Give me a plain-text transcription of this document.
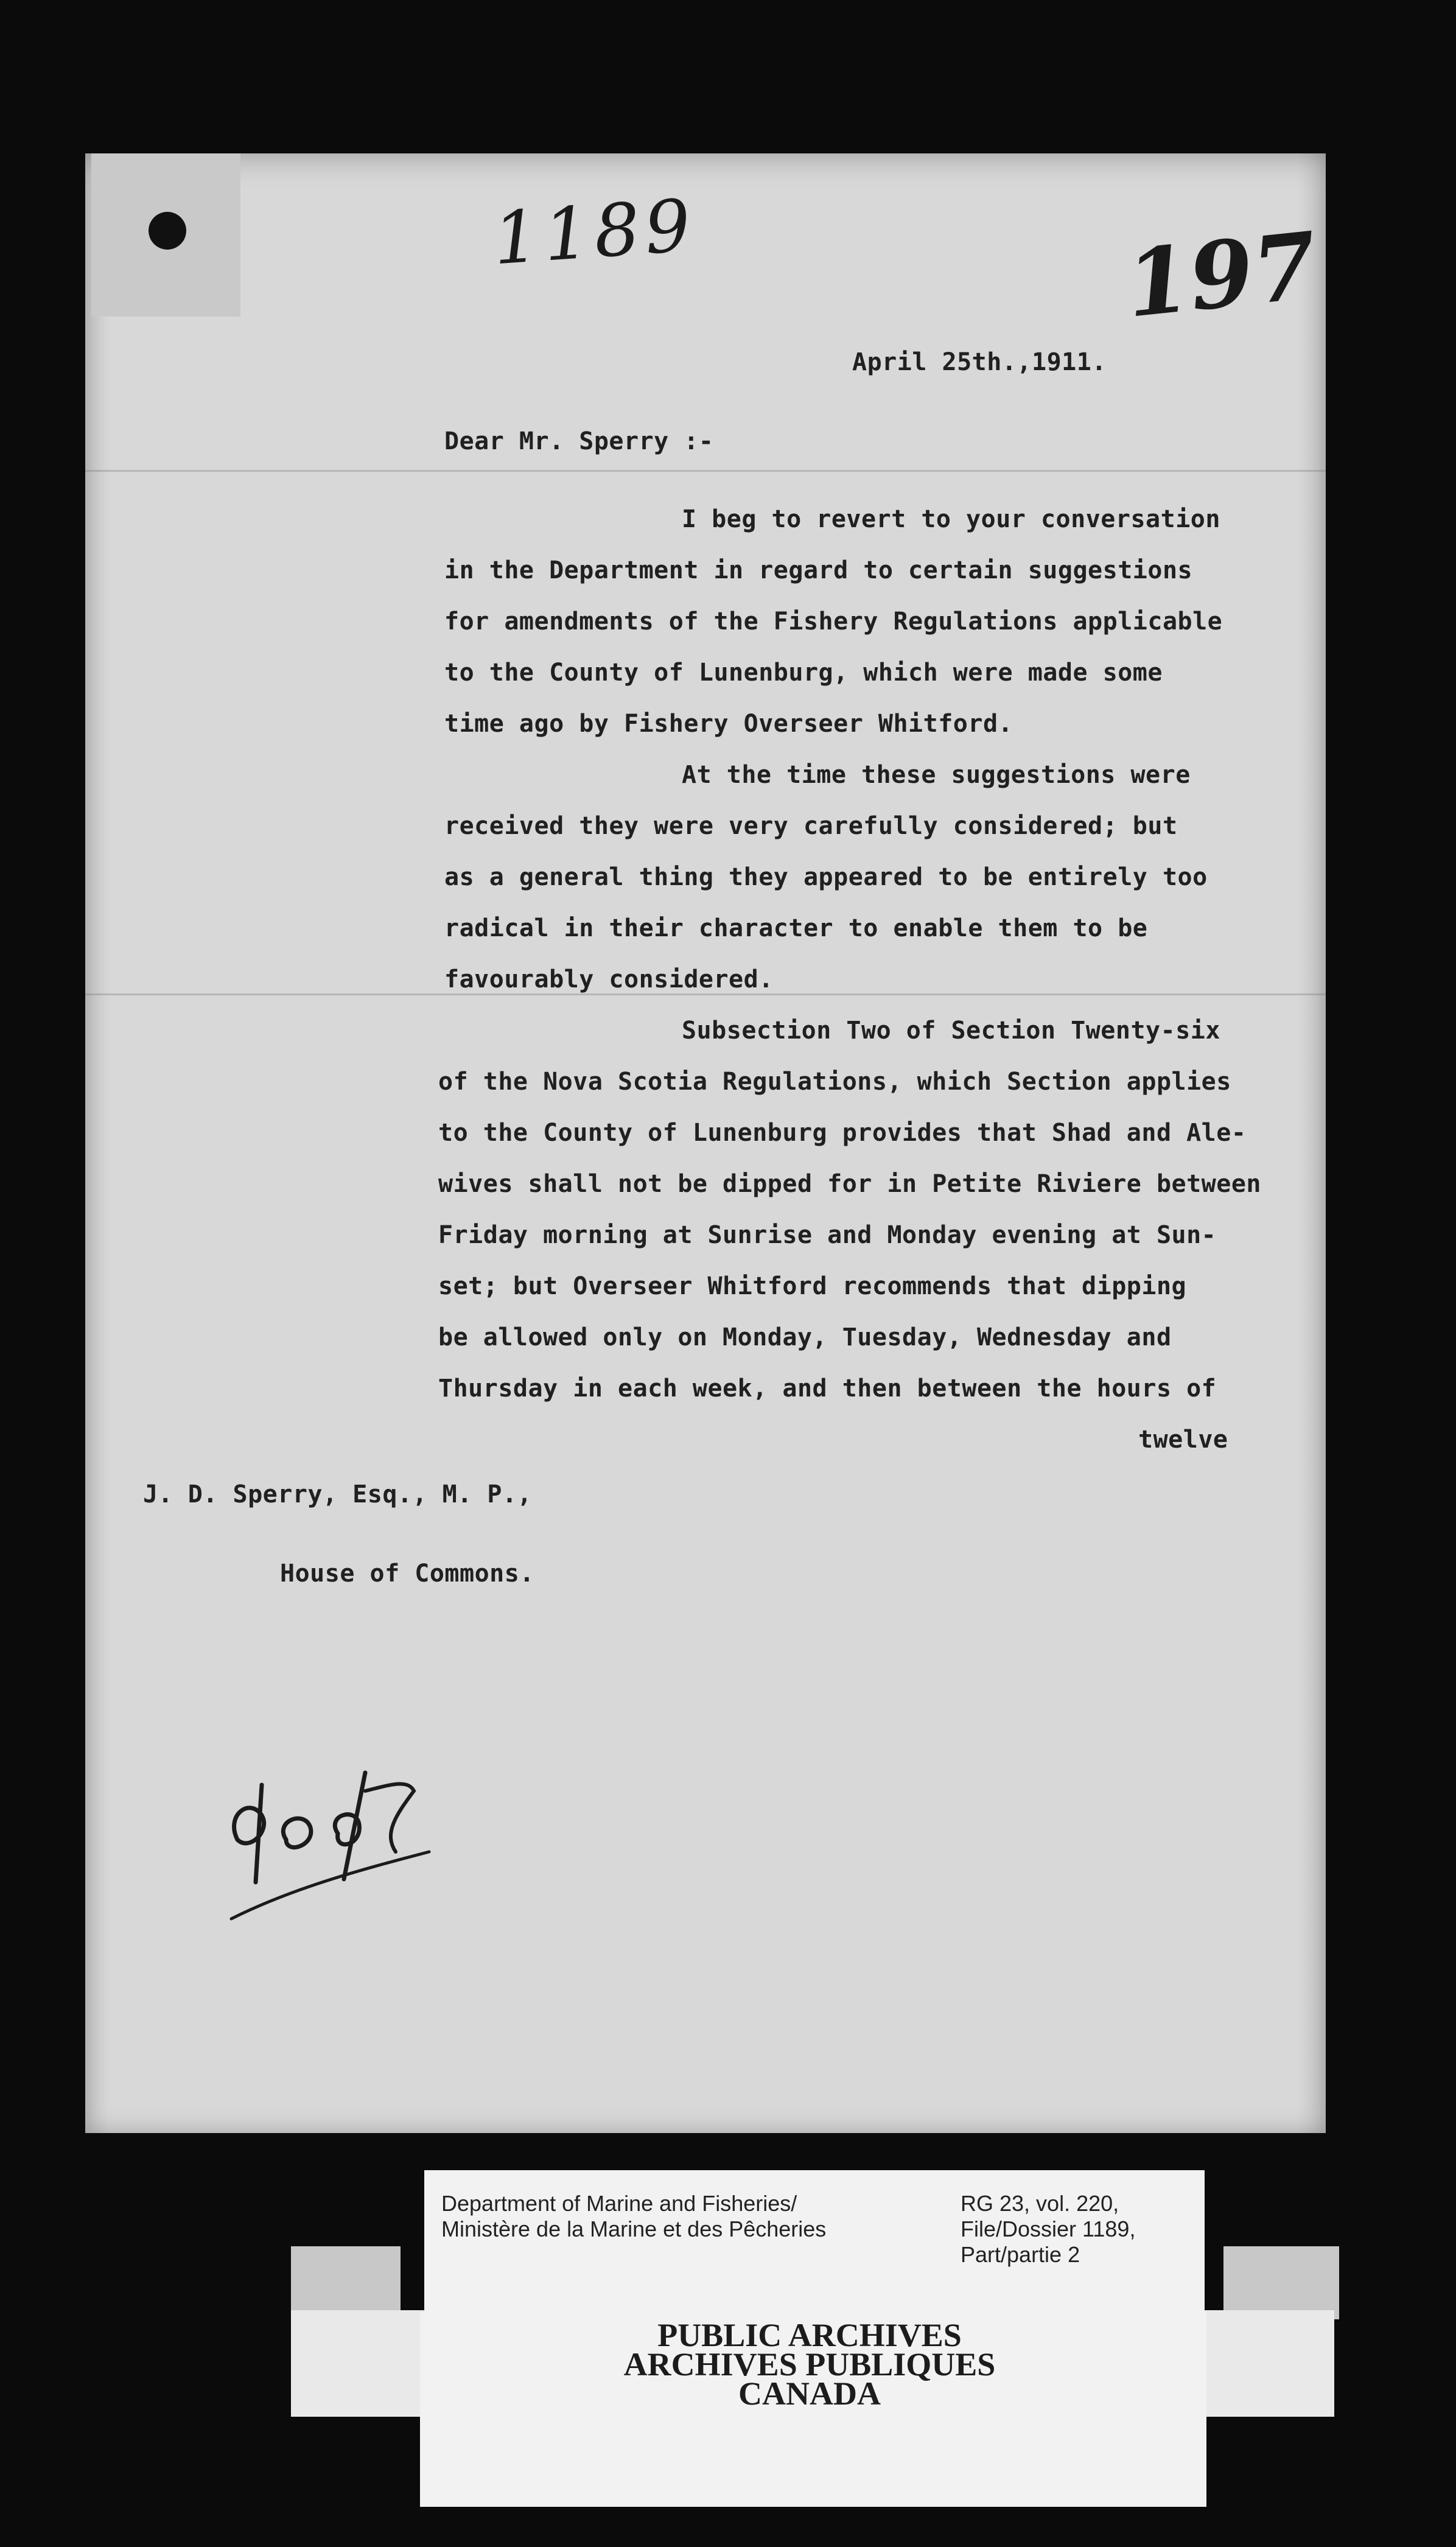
1189	197
April 25th.,1911.
Dear Mr. Sperry :-
I beg to revert to your conversation
in the Department in regard to certain suggestions
for amendments of the Fishery Regulations applicable
to the County of Lunenburg, which were made some
time ago by Fishery Overseer Whitford.
At the time these suggestions were
received they were very carefully considered; but
as a general thing they appeared to be entirely too
radical in their character to enable them to be
favourably considered.
Subsection Two of Section Twenty-six
of the Nova Scotia Regulations, which Section applies
to the County of Lunenburg provides that Shad and Ale-
wives shall not be dipped for in Petite Riviere between
Friday morning at Sunrise and Monday evening at Sun-
set; but Overseer Whitford recommends that dipping
be allowed only on Monday, Tuesday, Wednesday and
Thursday in each week, and then between the hours of
twelve
J. D. Sperry, Esq., M. P.,
House of Commons.
Department of Marine and Fisheries/
Ministère de la Marine et des Pêcheries
RG 23, vol. 220,
File/Dossier 1189,
Part/partie 2
PUBLIC ARCHIVES
ARCHIVES PUBLIQUES
CANADA
